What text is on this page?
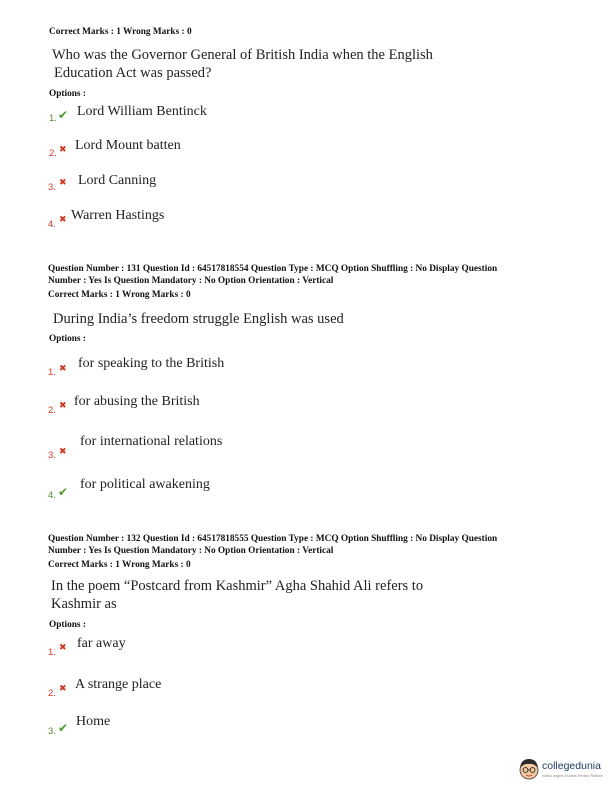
Correct Marks : 1 Wrong Marks : 0
Who was the Governor General of British India when the English
Education Act was passed?
Options :
1. ✔ Lord William Bentinck
2. ✖ Lord Mount batten
3. ✖ Lord Canning
4. ✖ Warren Hastings
Question Number : 131 Question Id : 64517818554 Question Type : MCQ Option Shuffling : No Display Question
Number : Yes Is Question Mandatory : No Option Orientation : Vertical
Correct Marks : 1 Wrong Marks : 0
During India’s freedom struggle English was used
Options :
1. ✖ for speaking to the British
2. ✖ for abusing the British
for international relations
3. ✖
for political awakening
4. ✔
Question Number : 132 Question Id : 64517818555 Question Type : MCQ Option Shuffling : No Display Question
Number : Yes Is Question Mandatory : No Option Orientation : Vertical
Correct Marks : 1 Wrong Marks : 0
In the poem “Postcard from Kashmir” Agha Shahid Ali refers to
Kashmir as
Options :
1. ✖ far away
2. ✖ A strange place
Home
3. ✔
collegedunia
India's largest Student Review Platform
